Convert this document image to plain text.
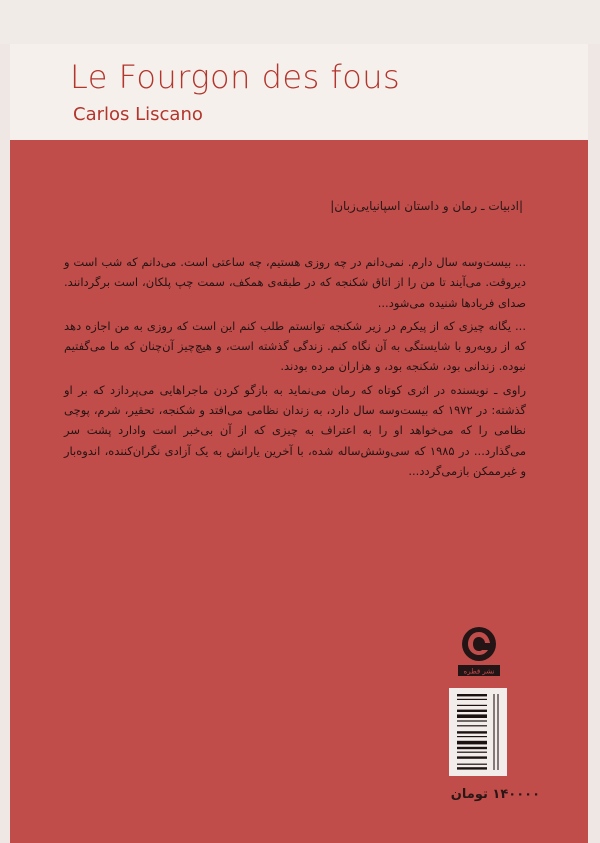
Le Fourgon des fous
Carlos Liscano
|ادبیات ـ رمان و داستان اسپانیایی‌زبان|

... بیست‌وسه سال دارم. نمی‌دانم در چه روزی هستیم، چه ساعتی است. می‌دانم که شب است و دیروقت. می‌آیند تا من را از اتاق شکنجه که در طبقه‌ی همکف، سمت چپ پلکان، است برگردانند. صدای فریادها شنیده می‌شود...

... یگانه چیزی که از پیکرم در زیر شکنجه توانستم طلب کنم این است که روزی به من اجازه دهد که از روبه‌رو با شایستگی به آن نگاه کنم. زندگی گذشته است، و هیچ‌چیز آن‌چنان که ما می‌گفتیم نبوده. زندانی بود، شکنجه بود، و هزاران مرده بودند.

راوی ـ نویسنده در اثری کوتاه که رمان می‌نماید به بازگو کردن ماجراهایی می‌پردازد که بر او گذشته: در ۱۹۷۲ که بیست‌وسه سال دارد، به زندان نظامی می‌افتد و شکنجه، تحقیر، شرم، پوچی نظامی را که می‌خواهد او را به اعتراف به چیزی که از آن بی‌خبر است وادارد پشت سر می‌گذارد... در ۱۹۸۵ که سی‌وشش‌ساله شده، با آخرین یارانش به یک آزادی نگران‌کننده، اندوه‌بار و غیرممکن بازمی‌گردد...

نشر قطره
۱۴۰۰۰۰ تومان
